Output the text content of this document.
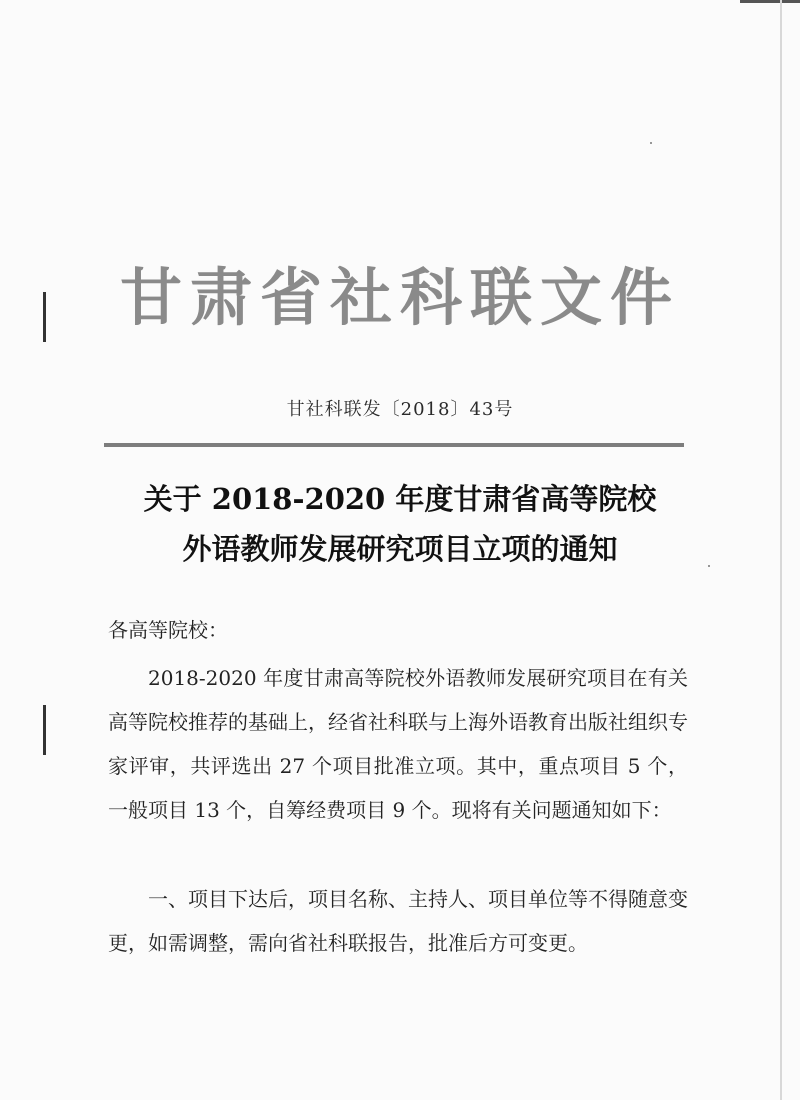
甘肃省社科联文件
甘社科联发〔2018〕43号
关于 2018-2020 年度甘肃省高等院校
外语教师发展研究项目立项的通知
各高等院校：
2018-2020 年度甘肃高等院校外语教师发展研究项目在有关高等院校推荐的基础上，经省社科联与上海外语教育出版社组织专家评审，共评选出 27 个项目批准立项。其中，重点项目 5 个，一般项目 13 个，自筹经费项目 9 个。现将有关问题通知如下：
一、项目下达后，项目名称、主持人、项目单位等不得随意变更，如需调整，需向省社科联报告，批准后方可变更。
